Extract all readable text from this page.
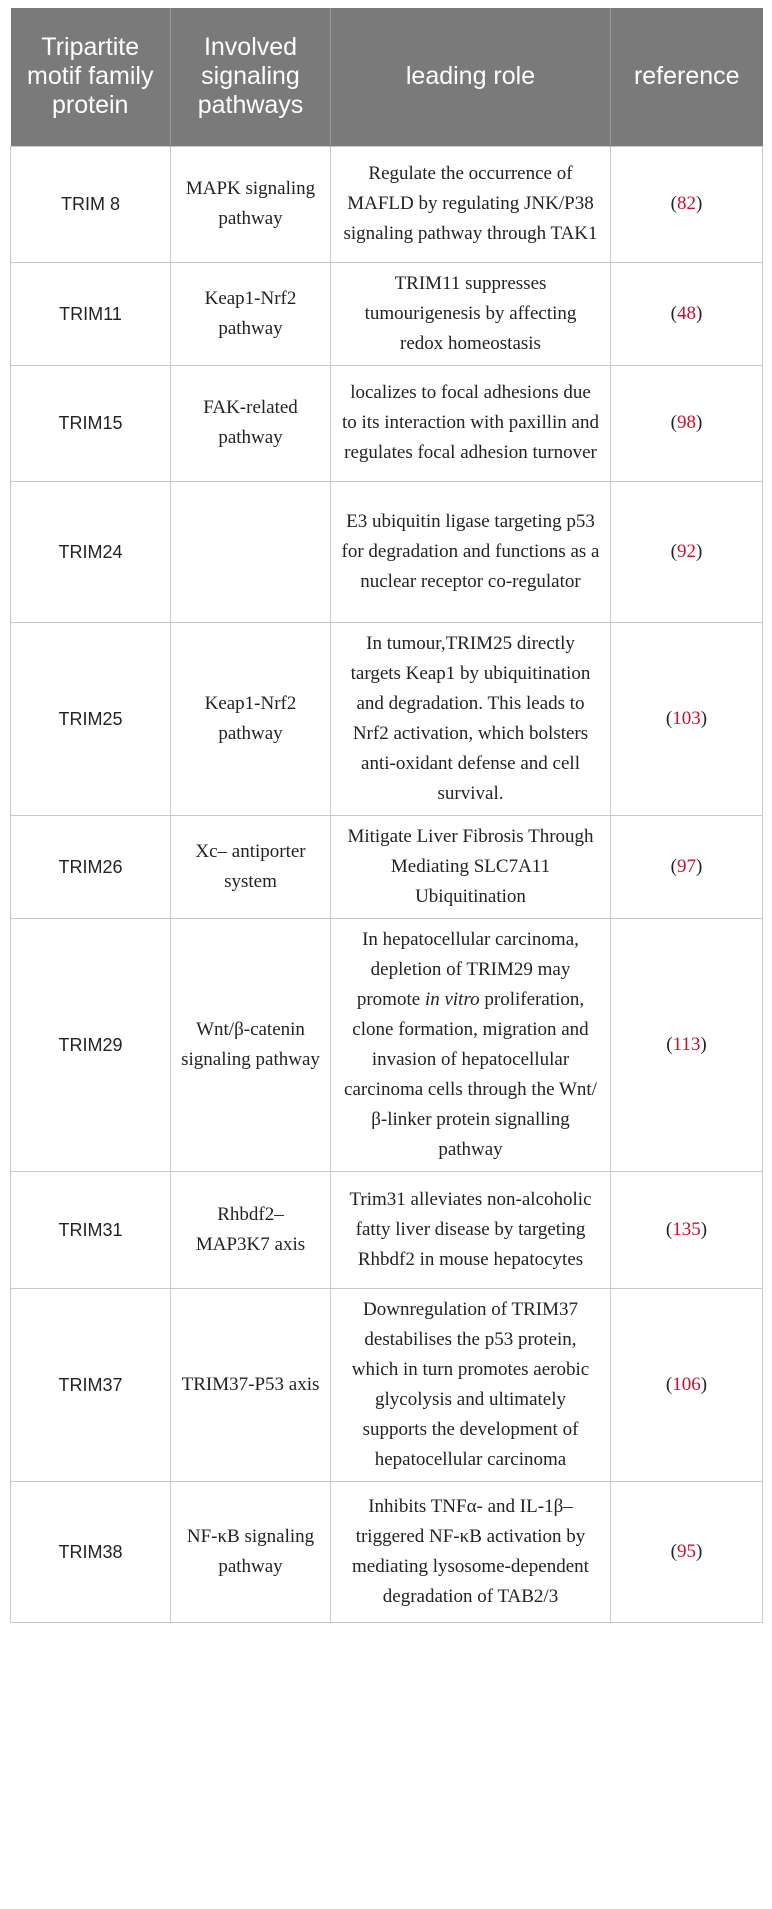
Tripartite motif family protein	Involved signaling pathways	leading role	reference
TRIM 8	MAPK signaling pathway	Regulate the occurrence of MAFLD by regulating JNK/P38 signaling pathway through TAK1	(82)
TRIM11	Keap1-Nrf2 pathway	TRIM11 suppresses tumourigenesis by affecting redox homeostasis	(48)
TRIM15	FAK-related pathway	localizes to focal adhesions due to its interaction with paxillin and regulates focal adhesion turnover	(98)
TRIM24		E3 ubiquitin ligase targeting p53 for degradation and functions as a nuclear receptor co-regulator	(92)
TRIM25	Keap1-Nrf2 pathway	In tumour,TRIM25 directly targets Keap1 by ubiquitination and degradation. This leads to Nrf2 activation, which bolsters anti-oxidant defense and cell survival.	(103)
TRIM26	Xc– antiporter system	Mitigate Liver Fibrosis Through Mediating SLC7A11 Ubiquitination	(97)
TRIM29	Wnt/β-catenin signaling pathway	In hepatocellular carcinoma, depletion of TRIM29 may promote in vitro proliferation, clone formation, migration and invasion of hepatocellular carcinoma cells through the Wnt/β-linker protein signalling pathway	(113)
TRIM31	Rhbdf2–MAP3K7 axis	Trim31 alleviates non-alcoholic fatty liver disease by targeting Rhbdf2 in mouse hepatocytes	(135)
TRIM37	TRIM37-P53 axis	Downregulation of TRIM37 destabilises the p53 protein, which in turn promotes aerobic glycolysis and ultimately supports the development of hepatocellular carcinoma	(106)
TRIM38	NF-κB signaling pathway	Inhibits TNFα- and IL-1β–triggered NF-κB activation by mediating lysosome-dependent degradation of TAB2/3	(95)
